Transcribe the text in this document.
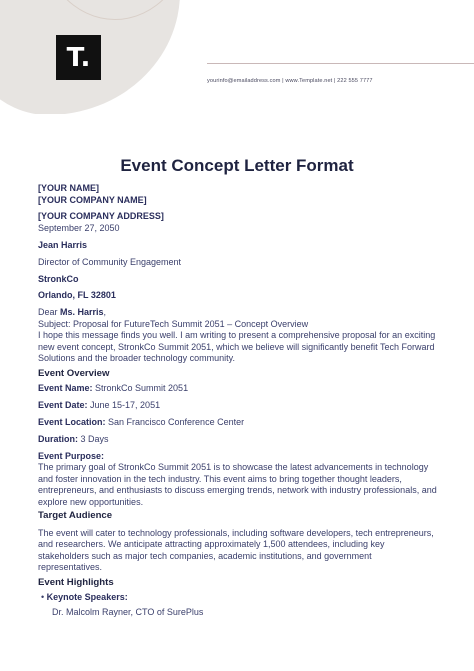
T.
yourinfo@emailaddress.com | www.Template.net | 222 555 7777
Event Concept Letter Format
[YOUR NAME]
[YOUR COMPANY NAME]
[YOUR COMPANY ADDRESS]
September 27, 2050
Jean Harris
Director of Community Engagement
StronkCo
Orlando, FL 32801
Dear Ms. Harris,
Subject: Proposal for FutureTech Summit 2051 – Concept Overview
I hope this message finds you well. I am writing to present a comprehensive proposal for an exciting new event concept, StronkCo Summit 2051, which we believe will significantly benefit Tech Forward Solutions and the broader technology community.
Event Overview
Event Name: StronkCo Summit 2051
Event Date: June 15-17, 2051
Event Location: San Francisco Conference Center
Duration: 3 Days
Event Purpose:
The primary goal of StronkCo Summit 2051 is to showcase the latest advancements in technology and foster innovation in the tech industry. This event aims to bring together thought leaders, entrepreneurs, and enthusiasts to discuss emerging trends, network with industry professionals, and explore new opportunities.
Target Audience
The event will cater to technology professionals, including software developers, tech entrepreneurs, and researchers. We anticipate attracting approximately 1,500 attendees, including key stakeholders such as major tech companies, academic institutions, and government representatives.
Event Highlights
• Keynote Speakers:
Dr. Malcolm Rayner, CTO of SurePlus
